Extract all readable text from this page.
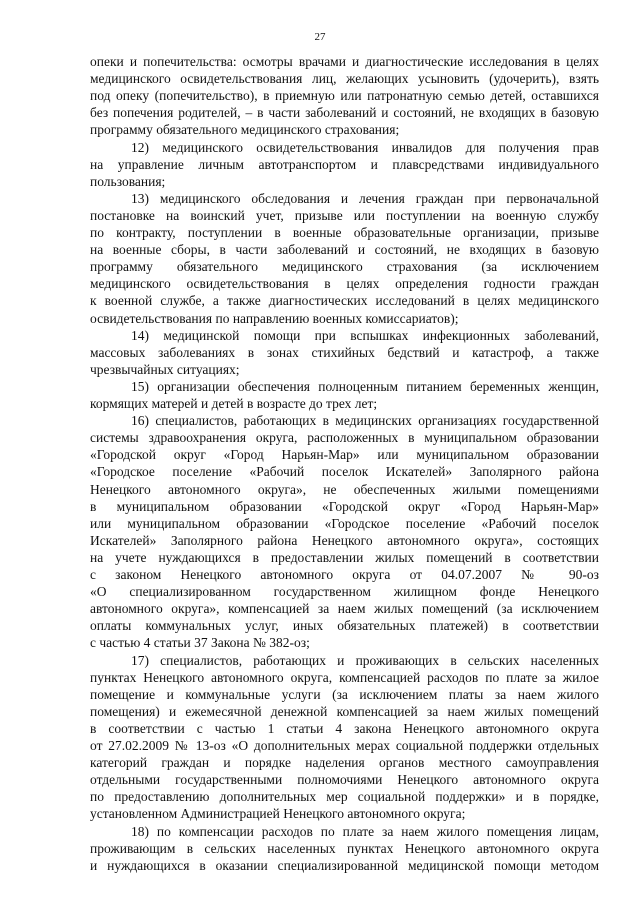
27
опеки и попечительства: осмотры врачами и диагностические исследования в целях
медицинского освидетельствования лиц, желающих усыновить (удочерить), взять
под опеку (попечительство), в приемную или патронатную семью детей, оставшихся
без попечения родителей, – в части заболеваний и состояний, не входящих в базовую
программу обязательного медицинского страхования;
12) медицинского освидетельствования инвалидов для получения прав
на управление личным автотранспортом и плавсредствами индивидуального
пользования;
13) медицинского обследования и лечения граждан при первоначальной
постановке на воинский учет, призыве или поступлении на военную службу
по контракту, поступлении в военные образовательные организации, призыве
на военные сборы, в части заболеваний и состояний, не входящих в базовую
программу обязательного медицинского страхования (за исключением
медицинского освидетельствования в целях определения годности граждан
к военной службе, а также диагностических исследований в целях медицинского
освидетельствования по направлению военных комиссариатов);
14) медицинской помощи при вспышках инфекционных заболеваний,
массовых заболеваниях в зонах стихийных бедствий и катастроф, а также
чрезвычайных ситуациях;
15) организации обеспечения полноценным питанием беременных женщин,
кормящих матерей и детей в возрасте до трех лет;
16) специалистов, работающих в медицинских организациях государственной
системы здравоохранения округа, расположенных в муниципальном образовании
«Городской округ «Город Нарьян-Мар» или муниципальном образовании
«Городское поселение «Рабочий поселок Искателей» Заполярного района
Ненецкого автономного округа», не обеспеченных жилыми помещениями
в муниципальном образовании «Городской округ «Город Нарьян-Мар»
или муниципальном образовании «Городское поселение «Рабочий поселок
Искателей» Заполярного района Ненецкого автономного округа», состоящих
на учете нуждающихся в предоставлении жилых помещений в соответствии
с законом Ненецкого автономного округа от 04.07.2007 № 90-оз
«О специализированном государственном жилищном фонде Ненецкого
автономного округа», компенсацией за наем жилых помещений (за исключением
оплаты коммунальных услуг, иных обязательных платежей) в соответствии
с частью 4 статьи 37 Закона № 382-оз;
17) специалистов, работающих и проживающих в сельских населенных
пунктах Ненецкого автономного округа, компенсацией расходов по плате за жилое
помещение и коммунальные услуги (за исключением платы за наем жилого
помещения) и ежемесячной денежной компенсацией за наем жилых помещений
в соответствии с частью 1 статьи 4 закона Ненецкого автономного округа
от 27.02.2009 № 13-оз «О дополнительных мерах социальной поддержки отдельных
категорий граждан и порядке наделения органов местного самоуправления
отдельными государственными полномочиями Ненецкого автономного округа
по предоставлению дополнительных мер социальной поддержки» и в порядке,
установленном Администрацией Ненецкого автономного округа;
18) по компенсации расходов по плате за наем жилого помещения лицам,
проживающим в сельских населенных пунктах Ненецкого автономного округа
и нуждающихся в оказании специализированной медицинской помощи методом
